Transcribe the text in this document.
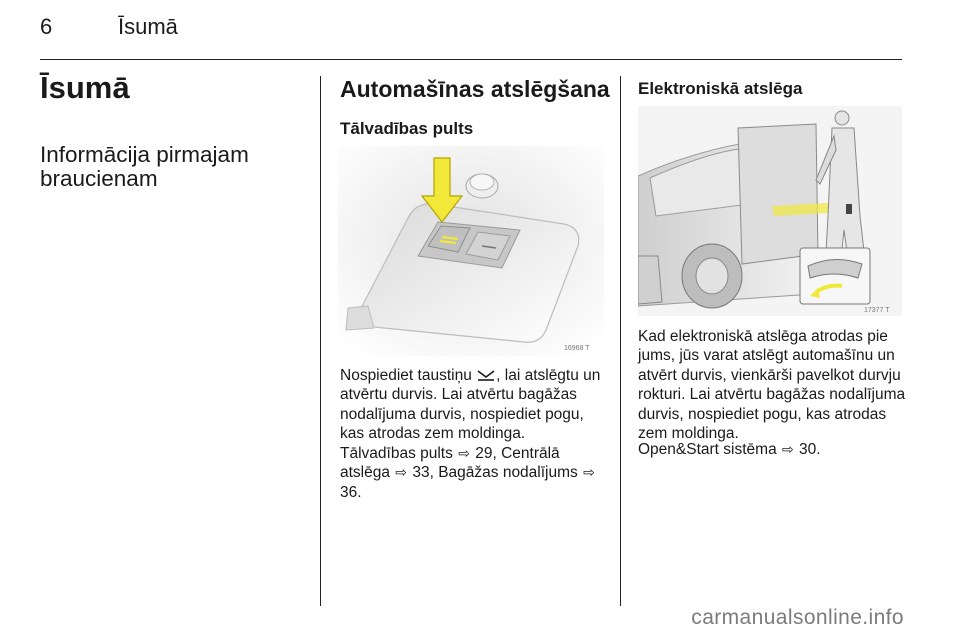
6	Īsumā
Īsumā
Informācija pirmajam braucienam
Automašīnas atslēgšana
Tālvadības pults
16968 T
Nospiediet taustiņu , lai atslēgtu un atvērtu durvis. Lai atvērtu bagāžas nodalījuma durvis, nospiediet pogu, kas atrodas zem moldinga.
Tālvadības pults ⇨ 29, Centrālā atslēga ⇨ 33, Bagāžas nodalījums ⇨ 36.
Elektroniskā atslēga
17377 T
Kad elektroniskā atslēga atrodas pie jums, jūs varat atslēgt automašīnu un atvērt durvis, vienkārši pavelkot durvju rokturi. Lai atvērtu bagāžas nodalījuma durvis, nospiediet pogu, kas atrodas zem moldinga.
Open&Start sistēma ⇨ 30.
carmanualsonline.info
